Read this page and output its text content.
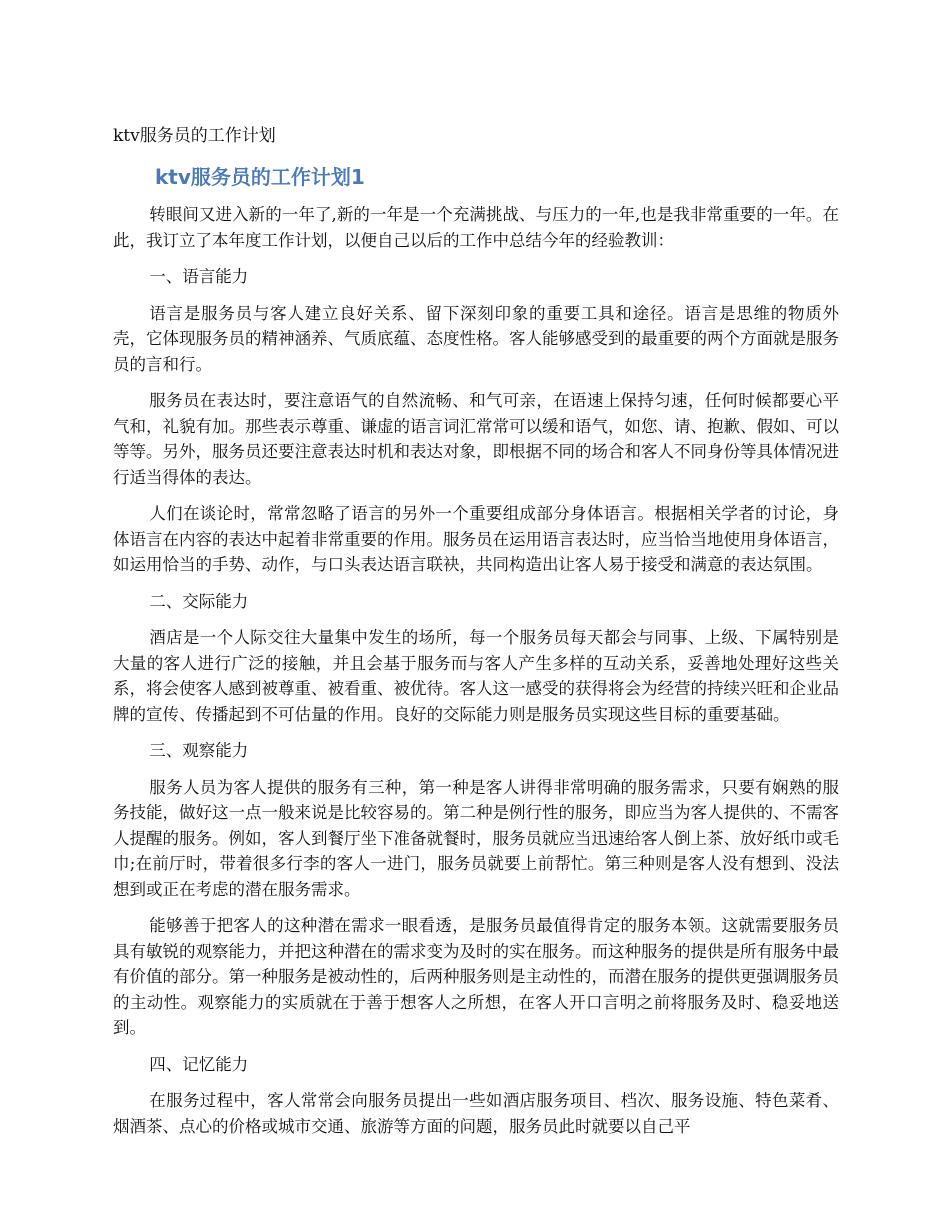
ktv服务员的工作计划
ktv服务员的工作计划1

转眼间又进入新的一年了,新的一年是一个充满挑战、与压力的一年,也是我非常重要的一年。在此，我订立了本年度工作计划，以便自己以后的工作中总结今年的经验教训：

一、语言能力

语言是服务员与客人建立良好关系、留下深刻印象的重要工具和途径。语言是思维的物质外壳，它体现服务员的精神涵养、气质底蕴、态度性格。客人能够感受到的最重要的两个方面就是服务员的言和行。

服务员在表达时，要注意语气的自然流畅、和气可亲，在语速上保持匀速，任何时候都要心平气和，礼貌有加。那些表示尊重、谦虚的语言词汇常常可以缓和语气，如您、请、抱歉、假如、可以等等。另外，服务员还要注意表达时机和表达对象，即根据不同的场合和客人不同身份等具体情况进行适当得体的表达。

人们在谈论时，常常忽略了语言的另外一个重要组成部分身体语言。根据相关学者的讨论，身体语言在内容的表达中起着非常重要的作用。服务员在运用语言表达时，应当恰当地使用身体语言，如运用恰当的手势、动作，与口头表达语言联袂，共同构造出让客人易于接受和满意的表达氛围。

二、交际能力

酒店是一个人际交往大量集中发生的场所，每一个服务员每天都会与同事、上级、下属特别是大量的客人进行广泛的接触，并且会基于服务而与客人产生多样的互动关系，妥善地处理好这些关系，将会使客人感到被尊重、被看重、被优待。客人这一感受的获得将会为经营的持续兴旺和企业品牌的宣传、传播起到不可估量的作用。良好的交际能力则是服务员实现这些目标的重要基础。

三、观察能力

服务人员为客人提供的服务有三种，第一种是客人讲得非常明确的服务需求，只要有娴熟的服务技能，做好这一点一般来说是比较容易的。第二种是例行性的服务，即应当为客人提供的、不需客人提醒的服务。例如，客人到餐厅坐下准备就餐时，服务员就应当迅速给客人倒上茶、放好纸巾或毛巾;在前厅时，带着很多行李的客人一进门，服务员就要上前帮忙。第三种则是客人没有想到、没法想到或正在考虑的潜在服务需求。

能够善于把客人的这种潜在需求一眼看透，是服务员最值得肯定的服务本领。这就需要服务员具有敏锐的观察能力，并把这种潜在的需求变为及时的实在服务。而这种服务的提供是所有服务中最有价值的部分。第一种服务是被动性的，后两种服务则是主动性的，而潜在服务的提供更强调服务员的主动性。观察能力的实质就在于善于想客人之所想，在客人开口言明之前将服务及时、稳妥地送到。

四、记忆能力

在服务过程中，客人常常会向服务员提出一些如酒店服务项目、档次、服务设施、特色菜肴、烟酒茶、点心的价格或城市交通、旅游等方面的问题，服务员此时就要以自己平
